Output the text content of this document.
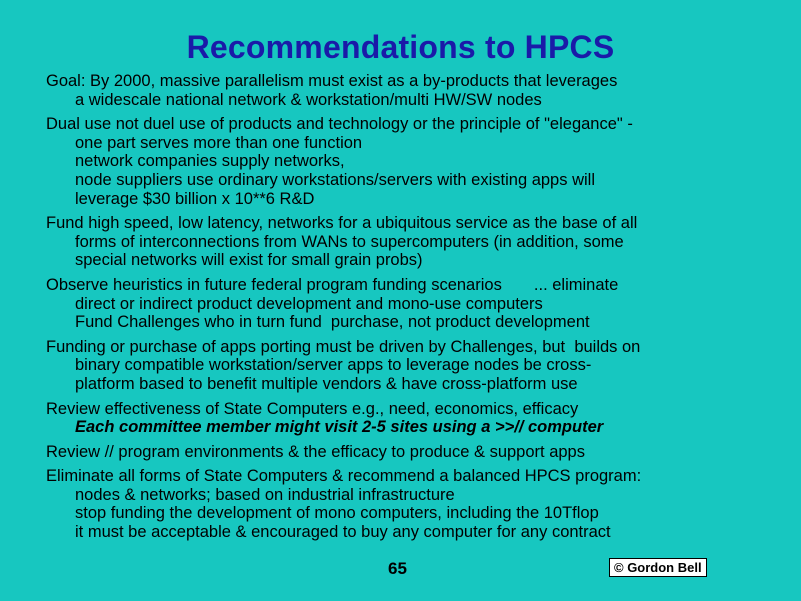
Recommendations to HPCS
Goal: By 2000, massive parallelism must exist as a by-products that leverages
a widescale national network & workstation/multi HW/SW nodes
Dual use not duel use of products and technology or the principle of "elegance" -
one part serves more than one function
network companies supply networks,
node suppliers use ordinary workstations/servers with existing apps will
leverage $30 billion x 10**6 R&D
Fund high speed, low latency, networks for a ubiquitous service as the base of all
forms of interconnections from WANs to supercomputers (in addition, some
special networks will exist for small grain probs)
Observe heuristics in future federal program funding scenarios       ... eliminate
direct or indirect product development and mono-use computers
Fund Challenges who in turn fund  purchase, not product development
Funding or purchase of apps porting must be driven by Challenges, but  builds on
binary compatible workstation/server apps to leverage nodes be cross-
platform based to benefit multiple vendors & have cross-platform use
Review effectiveness of State Computers e.g., need, economics, efficacy
Each committee member might visit 2-5 sites using a >>// computer
Review // program environments & the efficacy to produce & support apps
Eliminate all forms of State Computers & recommend a balanced HPCS program:
nodes & networks; based on industrial infrastructure
stop funding the development of mono computers, including the 10Tflop
it must be acceptable & encouraged to buy any computer for any contract
65	© Gordon Bell
